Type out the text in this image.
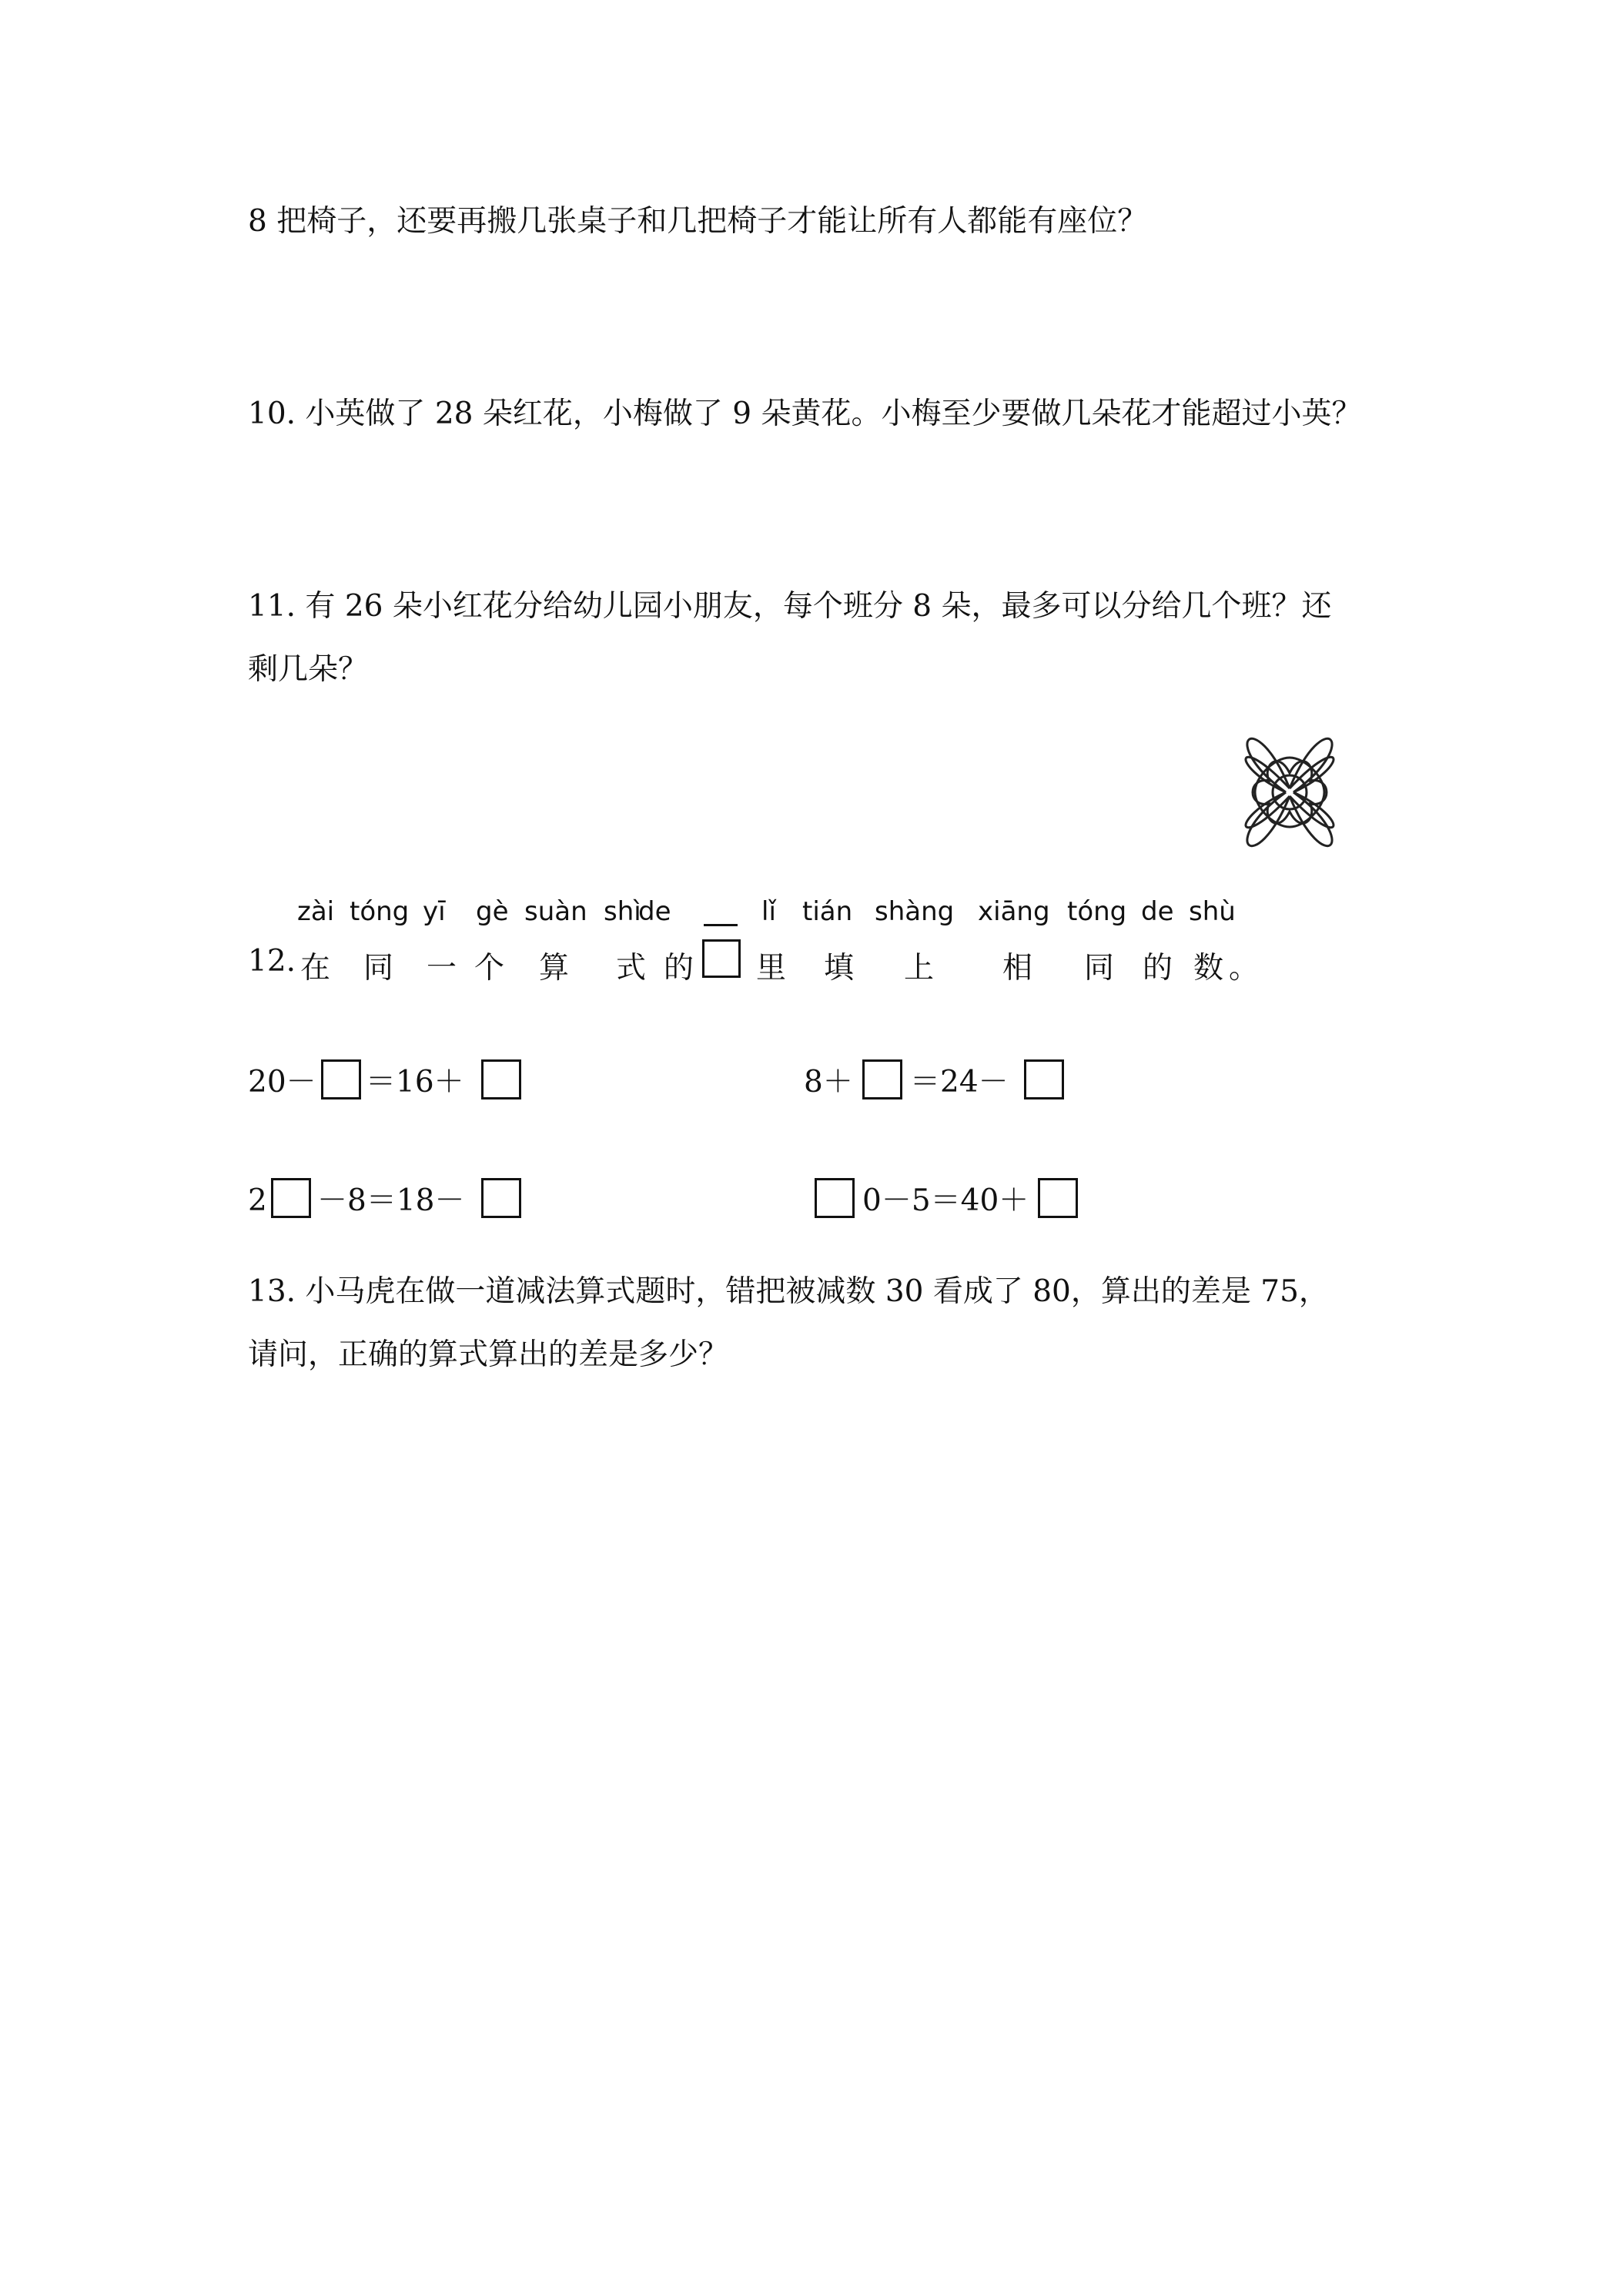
8 把椅子，还要再搬几张桌子和几把椅子才能让所有人都能有座位？
10. 小英做了 28 朵红花，小梅做了 9 朵黄花。小梅至少要做几朵花才能超过小英？
11. 有 26 朵小红花分给幼儿园小朋友，每个班分 8 朵，最多可以分给几个班？还
剩几朵？
zài tóng yī gè suàn shì
de	lǐ tián shàng xiāng tóng de shù
12. 在 同 一 个 算 式 的 里 填 上 相 同 的 数 。
20－ ＝16＋	8＋ ＝24－
2 －8＝18－	0－5＝40＋
13. 小马虎在做一道减法算式题时，错把被减数 30 看成了 80，算出的差是 75，
请问，正确的算式算出的差是多少？
